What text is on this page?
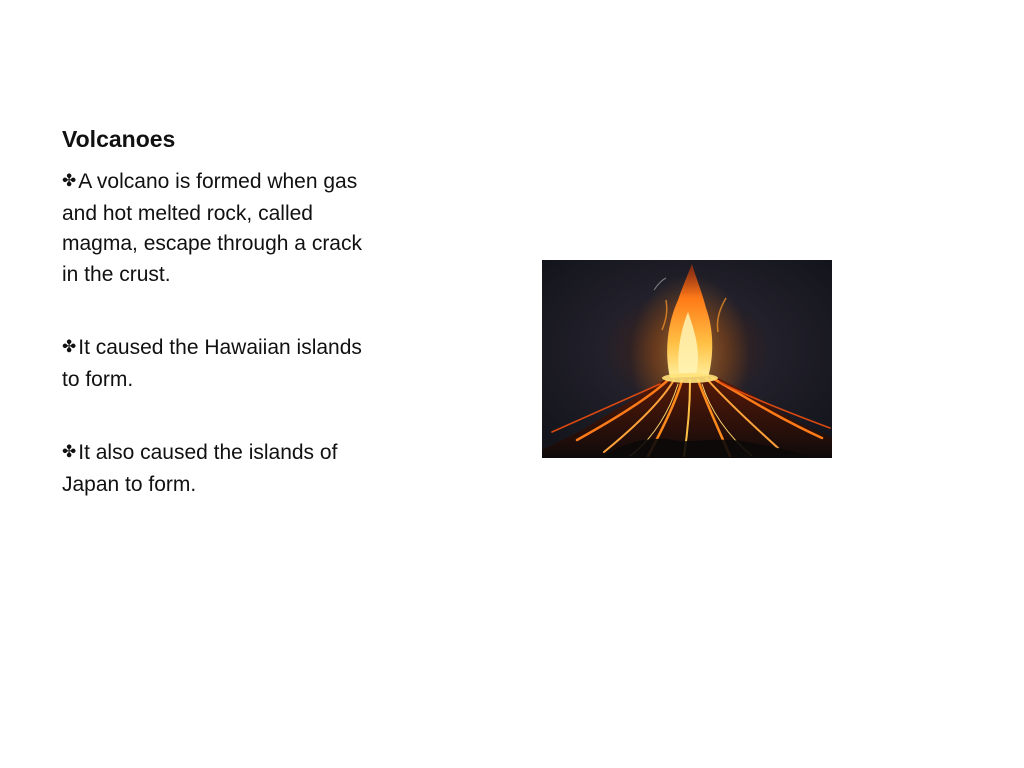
Volcanoes
✤A volcano is formed when gas and hot melted rock, called magma, escape through a crack in the crust.
✤It caused the Hawaiian islands to form.
✤It also caused the islands of Japan to form.
